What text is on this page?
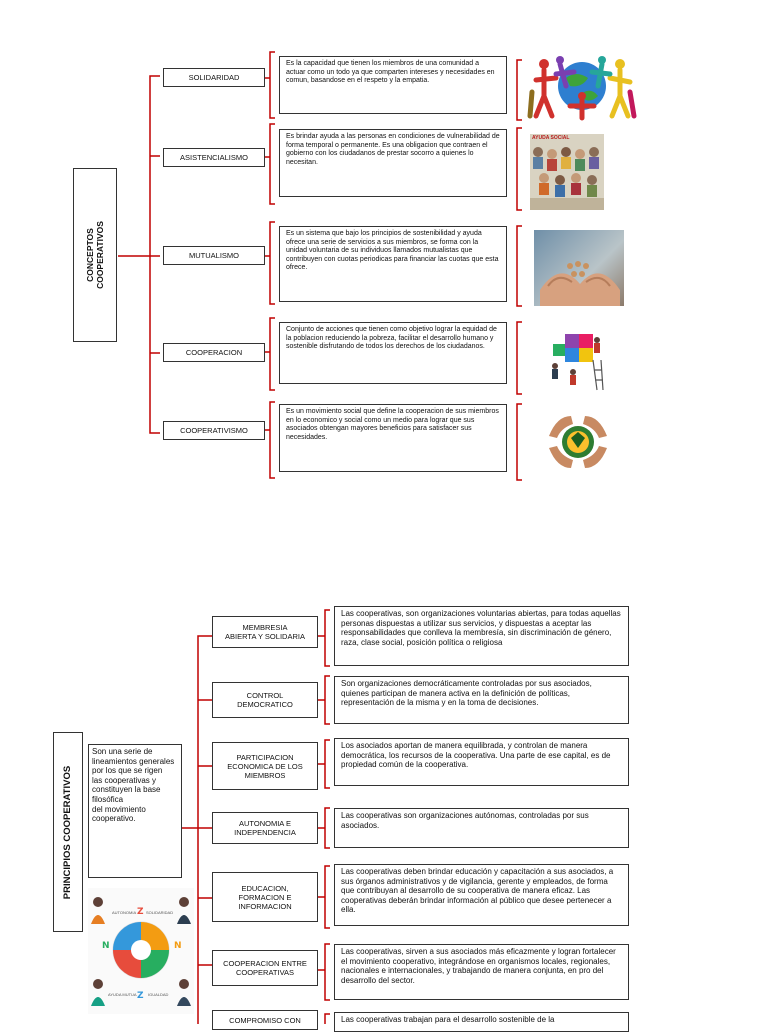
CONCEPTOS
COOPERATIVOS
SOLIDARIDAD
ASISTENCIALISMO
MUTUALISMO
COOPERACION
COOPERATIVISMO
Es la capacidad que tienen los miembros de una comunidad a actuar como un todo ya que comparten intereses y necesidades en comun, basandose en el respeto y la empatia.
Es brindar ayuda a las personas en condiciones de vulnerabilidad de forma temporal o permanente. Es una obligacion que contraen el gobierno con los ciudadanos de prestar socorro a quienes lo necesitan.
Es un sistema que bajo los principios de sostenibilidad y ayuda ofrece una serie de servicios a sus miembros, se forma con la unidad voluntaria de su individuos llamados mutualistas que contribuyen con cuotas periodicas para financiar las cuotas que esta ofrece.
Conjunto de acciones que tienen como objetivo lograr la equidad de la poblacion reduciendo la pobreza, facilitar el desarrollo humano y sostenible disfrutando de todos los derechos de los ciudadanos.
Es un movimiento social que define la cooperacion de sus miembros en lo economico y social como un medio para lograr que sus asociados obtengan mayores beneficios para satisfacer sus necesidades.
AYUDA SOCIAL
PRINCIPIOS COOPERATIVOS
Son una serie de lineamientos generales por los que se rigen
las cooperativas y constituyen la base filosófica
del movimiento cooperativo.
N	N
Z
Z
AUTONOMIA SOLIDARIDAD
AYUDA MUTUA	IGUALDAD
MEMBRESIA
ABIERTA Y SOLIDARIA
CONTROL
DEMOCRATICO
PARTICIPACION
ECONOMICA DE LOS
MIEMBROS
AUTONOMIA E
INDEPENDENCIA
EDUCACION,
FORMACION E
INFORMACION
COOPERACION ENTRE
COOPERATIVAS
COMPROMISO CON
Las cooperativas, son organizaciones voluntarias abiertas, para todas aquellas personas dispuestas a utilizar sus servicios, y dispuestas a aceptar las responsabilidades que conlleva la membresía, sin discriminación de género, raza, clase social, posición política o religiosa
Son organizaciones democráticamente controladas por sus asociados, quienes participan de manera activa en la definición de políticas, representación de la misma y en la toma de decisiones.
Los asociados aportan de manera equilibrada, y controlan de manera democrática, los recursos de la cooperativa. Una parte de ese capital, es de propiedad común de la cooperativa.
Las cooperativas son organizaciones autónomas, controladas por sus asociados.
Las cooperativas deben brindar educación y capacitación a sus asociados, a sus órganos administrativos y de vigilancia, gerente y empleados, de forma que contribuyan al desarrollo de su cooperativa de manera eficaz. Las cooperativas deberán brindar información al público que desee pertenecer a ella.
Las cooperativas, sirven a sus asociados más eficazmente y logran fortalecer el movimiento cooperativo, integrándose en organismos locales, regionales, nacionales e internacionales, y trabajando de manera conjunta, en pro del desarrollo del sector.
Las cooperativas trabajan para el desarrollo sostenible de la
